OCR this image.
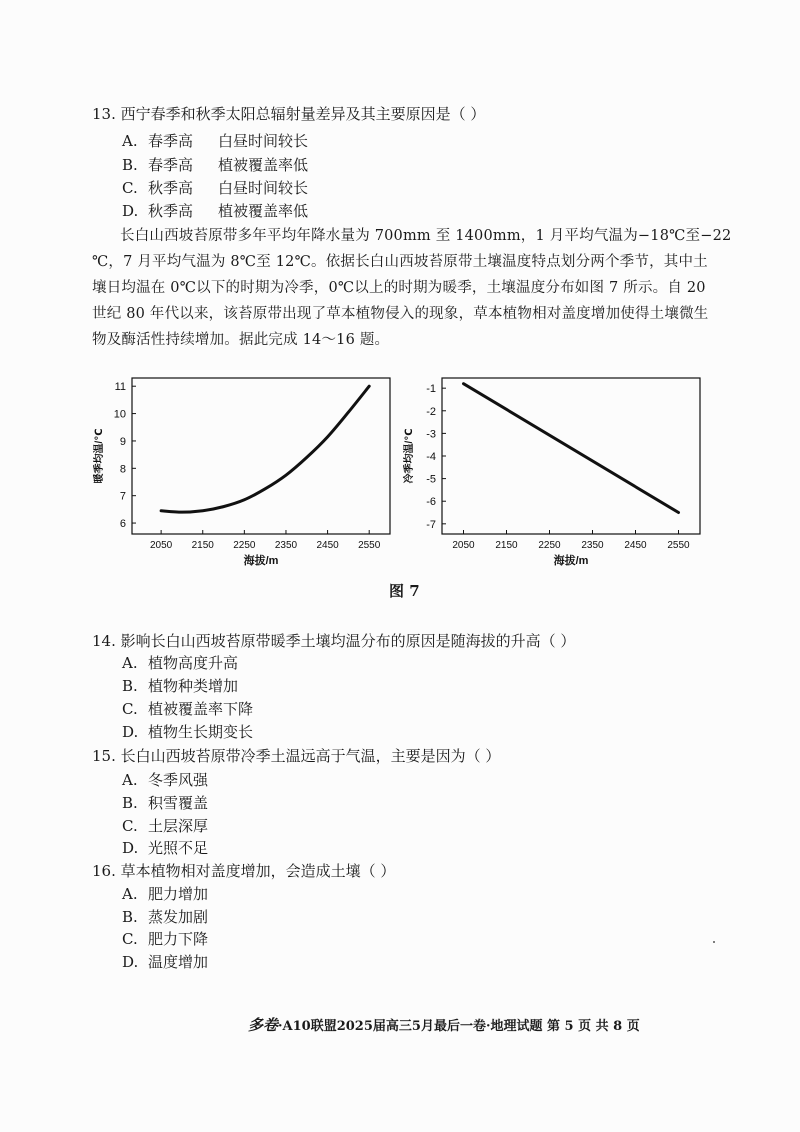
13. 西宁春季和秋季太阳总辐射量差异及其主要原因是（ ）
A. 春季高 白昼时间较长
B. 春季高 植被覆盖率低
C. 秋季高 白昼时间较长
D. 秋季高 植被覆盖率低
长白山西坡苔原带多年平均年降水量为 700mm 至 1400mm，1 月平均气温为−18℃至−22
℃，7 月平均气温为 8℃至 12℃。依据长白山西坡苔原带土壤温度特点划分两个季节，其中土
壤日均温在 0℃以下的时期为冷季，0℃以上的时期为暖季，土壤温度分布如图 7 所示。自 20
世纪 80 年代以来，该苔原带出现了草本植物侵入的现象，草本植物相对盖度增加使得土壤微生
物及酶活性持续增加。据此完成 14～16 题。
6
7
8
9
10
11
2050 2150 2250 2350 2450 2550
海拔/m
暖季均温/℃
-1
-2
-3
-4
-5
-6
-7
2050 2150 2250 2350 2450 2550
海拔/m
冷季均温/℃
图 7
14. 影响长白山西坡苔原带暖季土壤均温分布的原因是随海拔的升高（ ）
A. 植物高度升高
B. 植物种类增加
C. 植被覆盖率下降
D. 植物生长期变长
15. 长白山西坡苔原带冷季土温远高于气温，主要是因为（ ）
A. 冬季风强
B. 积雪覆盖
C. 土层深厚
D. 光照不足
16. 草本植物相对盖度增加，会造成土壤（ ）
A. 肥力增加
B. 蒸发加剧
C. 肥力下降
D. 温度增加
多卷·A10联盟2025届高三5月最后一卷·地理试题 第 5 页 共 8 页
